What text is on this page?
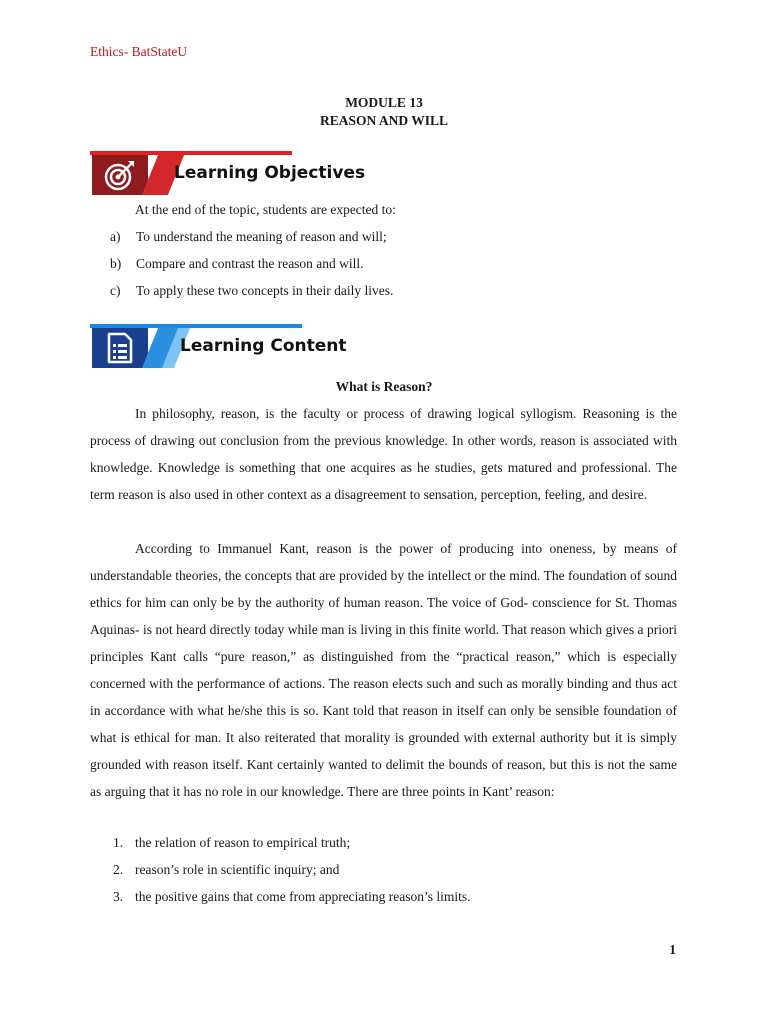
Ethics- BatStateU
MODULE 13
REASON AND WILL
Learning Objectives
At the end of the topic, students are expected to:
a) To understand the meaning of reason and will;
b) Compare and contrast the reason and will.
c) To apply these two concepts in their daily lives.
Learning Content
What is Reason?
In philosophy, reason, is the faculty or process of drawing logical syllogism. Reasoning is the process of drawing out conclusion from the previous knowledge. In other words, reason is associated with knowledge. Knowledge is something that one acquires as he studies, gets matured and professional. The term reason is also used in other context as a disagreement to sensation, perception, feeling, and desire.
According to Immanuel Kant, reason is the power of producing into oneness, by means of understandable theories, the concepts that are provided by the intellect or the mind. The foundation of sound ethics for him can only be by the authority of human reason. The voice of God- conscience for St. Thomas Aquinas- is not heard directly today while man is living in this finite world. That reason which gives a priori principles Kant calls “pure reason,” as distinguished from the “practical reason,” which is especially concerned with the performance of actions. The reason elects such and such as morally binding and thus act in accordance with what he/she this is so. Kant told that reason in itself can only be sensible foundation of what is ethical for man. It also reiterated that morality is grounded with external authority but it is simply grounded with reason itself. Kant certainly wanted to delimit the bounds of reason, but this is not the same as arguing that it has no role in our knowledge. There are three points in Kant’ reason:
1. the relation of reason to empirical truth;
2. reason’s role in scientific inquiry; and
3. the positive gains that come from appreciating reason’s limits.
1
